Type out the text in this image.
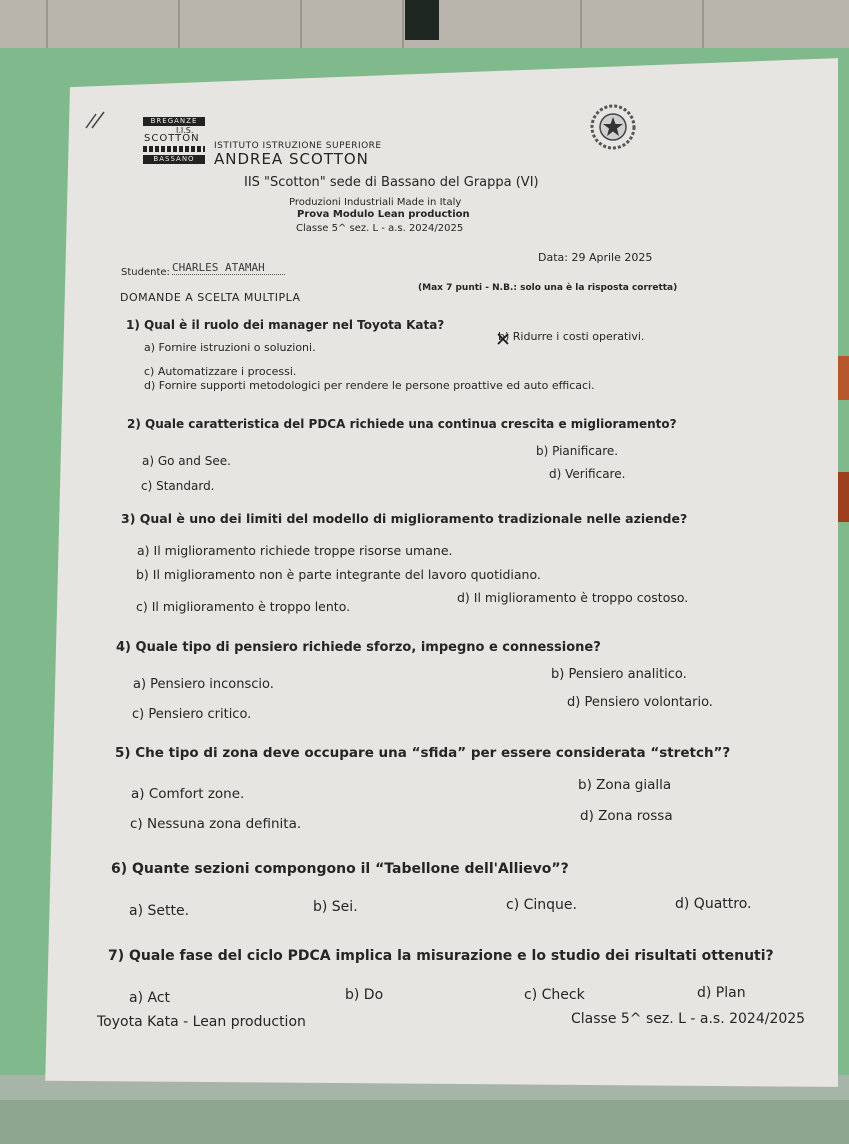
BREGANZE
I.I.S.
SCOTTON
BASSANO
ISTITUTO ISTRUZIONE SUPERIORE
ANDREA SCOTTON
IIS "Scotton" sede di Bassano del Grappa (VI)
Produzioni Industriali Made in Italy
Prova Modulo Lean production
Classe 5^ sez. L - a.s. 2024/2025
Studente: CHARLES ATAMAH
Data: 29 Aprile 2025
DOMANDE A SCELTA MULTIPLA
(Max 7 punti - N.B.: solo una è la risposta corretta)
1) Qual è il ruolo dei manager nel Toyota Kata?
a) Fornire istruzioni o soluzioni.
b) Ridurre i costi operativi.
c) Automatizzare i processi.
d) Fornire supporti metodologici per rendere le persone proattive ed auto efficaci.
2) Quale caratteristica del PDCA richiede una continua crescita e miglioramento?
a) Go and See.
b) Pianificare.
c) Standard.
d) Verificare.
3) Qual è uno dei limiti del modello di miglioramento tradizionale nelle aziende?
a) Il miglioramento richiede troppe risorse umane.
b) Il miglioramento non è parte integrante del lavoro quotidiano.
c) Il miglioramento è troppo lento.
d) Il miglioramento è troppo costoso.
4) Quale tipo di pensiero richiede sforzo, impegno e connessione?
a) Pensiero inconscio.
b) Pensiero analitico.
c) Pensiero critico.
d) Pensiero volontario.
5) Che tipo di zona deve occupare una “sfida” per essere considerata “stretch”?
a) Comfort zone.
b) Zona gialla
c) Nessuna zona definita.	d) Zona rossa
6) Quante sezioni compongono il “Tabellone dell'Allievo”?
a) Sette.	b) Sei.	c) Cinque.	d) Quattro.
7) Quale fase del ciclo PDCA implica la misurazione e lo studio dei risultati ottenuti?
a) Act	b) Do	c) Check	d) Plan
Toyota Kata - Lean production	Classe 5^ sez. L - a.s. 2024/2025
